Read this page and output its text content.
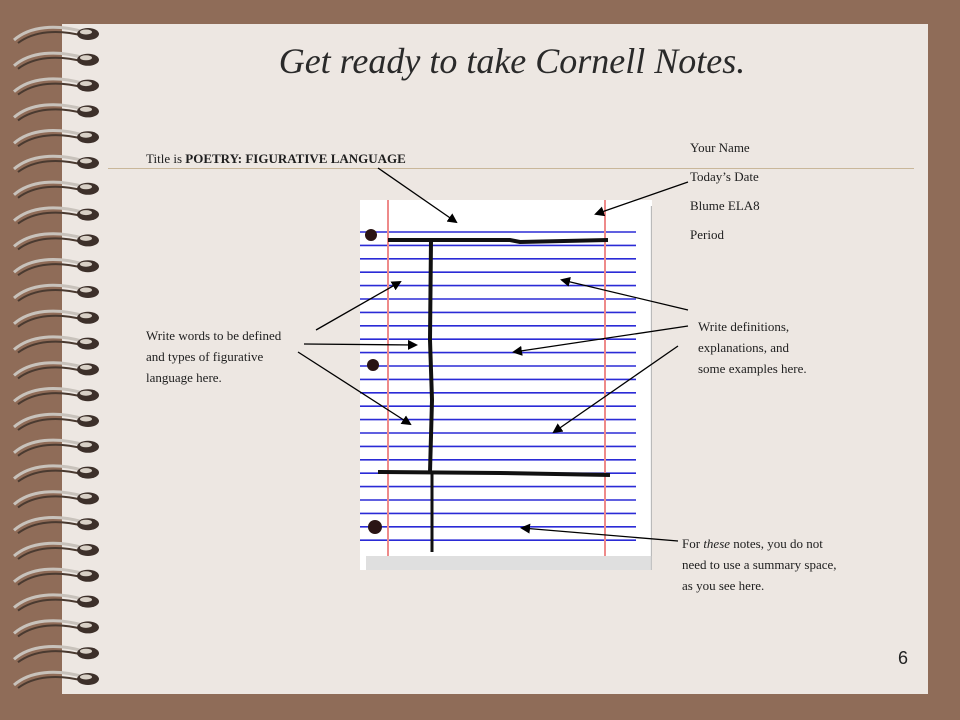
Get ready to take Cornell Notes.
Title is POETRY: FIGURATIVE LANGUAGE
Your Name
Today’s Date
Blume ELA8
Period
Write words to be defined
and types of figurative
language here.
Write definitions,
explanations, and
some examples here.
For these notes, you do not
need to use a summary space,
as you see here.
6
